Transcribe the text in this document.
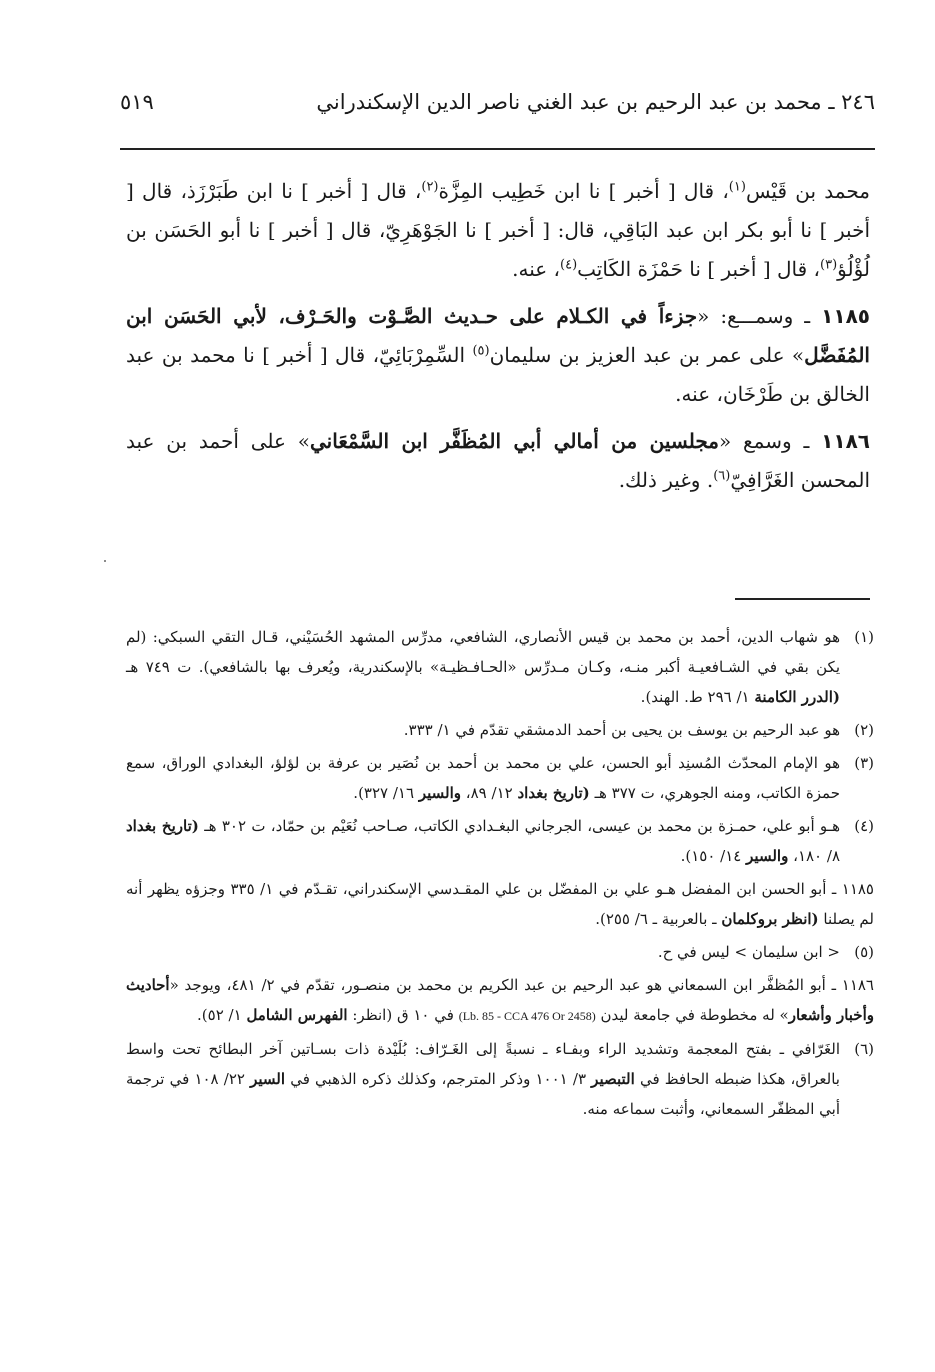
٢٤٦ ـ محمد بن عبد الرحيم بن عبد الغني ناصر الدين الإسكندراني
٥١٩

محمد بن قَيْس$^{(١)}$، قال [ أخبر ] نا ابن خَطِيب المِزَّة$^{(٢)}$، قال [ أخبر ] نا ابن طَبَرْزَذ، قال [ أخبر ] نا أبو بكر ابن عبد البَاقِي، قال: [ أخبر ] نا الجَوْهَرِيّ، قال [ أخبر ] نا أبو الحَسَن بن لُؤْلُؤ$^{(٣)}$، قال [ أخبر ] نا حَمْزَة الكَاتِب$^{(٤)}$، عنه.

١١٨٥ ـ وسمـــع: «جزءاً في الكـلام على حـديث الصَّـوْت والحَـرْف، لأبي الحَسَن ابن المُفَضَّل» على عمر بن عبد العزيز بن سليمان$^{(٥)}$ السِّمِرْبَائِيّ، قال [ أخبر ] نا محمد بن عبد الخالق بن طَرْخَان، عنه.

١١٨٦ ـ وسمع «مجلسين من أمالي أبي المُظَفَّر ابن السَّمْعَاني» على أحمد بن عبد المحسن الغَرَّافِيّ$^{(٦)}$. وغير ذلك.

(١)
هو شهاب الدين، أحمد بن محمد بن قيس الأنصاري، الشافعي، مدرِّس المشهد الحُسَيْني، قـال التقي السبكي: (لم يكن بقي في الشـافعيـة أكبر منـه، وكـان مـدرِّس «الحـافـظيـة» بالإسكندرية، ويُعرف بها بالشافعي). ت ٧٤٩ هـ (الدرر الكامنة ١/ ٢٩٦ ط. الهند).
(٢)
هو عبد الرحيم بن يوسف بن يحيى بن أحمد الدمشقي تقدّم في ١/ ٣٣٣.
(٣)
هو الإمام المحدّث المُسنِد أبو الحسن، علي بن محمد بن أحمد بن نُصَير بن عرفة بن لؤلؤ، البغدادي الوراق، سمع حمزة الكاتب، ومنه الجوهري، ت ٣٧٧ هـ (تاريخ بغداد ١٢/ ٨٩، والسير ١٦/ ٣٢٧).
(٤)
هـو أبو علي، حمـزة بن محمد بن عيسى، الجرجاني البغـدادي الكاتب، صـاحب نُعَيْم بن حمّاد، ت ٣٠٢ هـ (تاريخ بغداد ٨/ ١٨٠، والسير ١٤/ ١٥٠).
١١٨٥ ـ أبو الحسن ابن المفضل هـو علي بن المفضّل بن علي المقـدسي الإسكندراني، تقـدّم في ١/ ٣٣٥ وجزؤه يظهر أنه لم يصلنا (انظر بروكلمان ـ بالعربية ـ ٦/ ٢٥٥).
(٥)
< ابن سليمان > ليس في ح.
١١٨٦ ـ أبو المُظفَّر ابن السمعاني هو عبد الرحيم بن عبد الكريم بن محمد بن منصـور، تقدّم في ٢/ ٤٨١، ويوجد «أحاديث وأخبار وأشعار» له مخطوطة في جامعة ليدن (Lb. 85 - CCA 476 Or 2458) في ١٠ ق (انظر: الفهرس الشامل ١/ ٥٢).
(٦)
الغَرّافي ـ بفتح المعجمة وتشديد الراء وبفـاء ـ نسبةً إلى الغَـرّاف: بُلَيْدة ذات بسـاتين آخر البطائح تحت واسط بالعراق، هكذا ضبطه الحافظ في التبصير ٣/ ١٠٠١ وذكر المترجم، وكذلك ذكره الذهبي في السير ٢٢/ ١٠٨ في ترجمة أبي المظفّر السمعاني، وأثبت سماعه منه.
